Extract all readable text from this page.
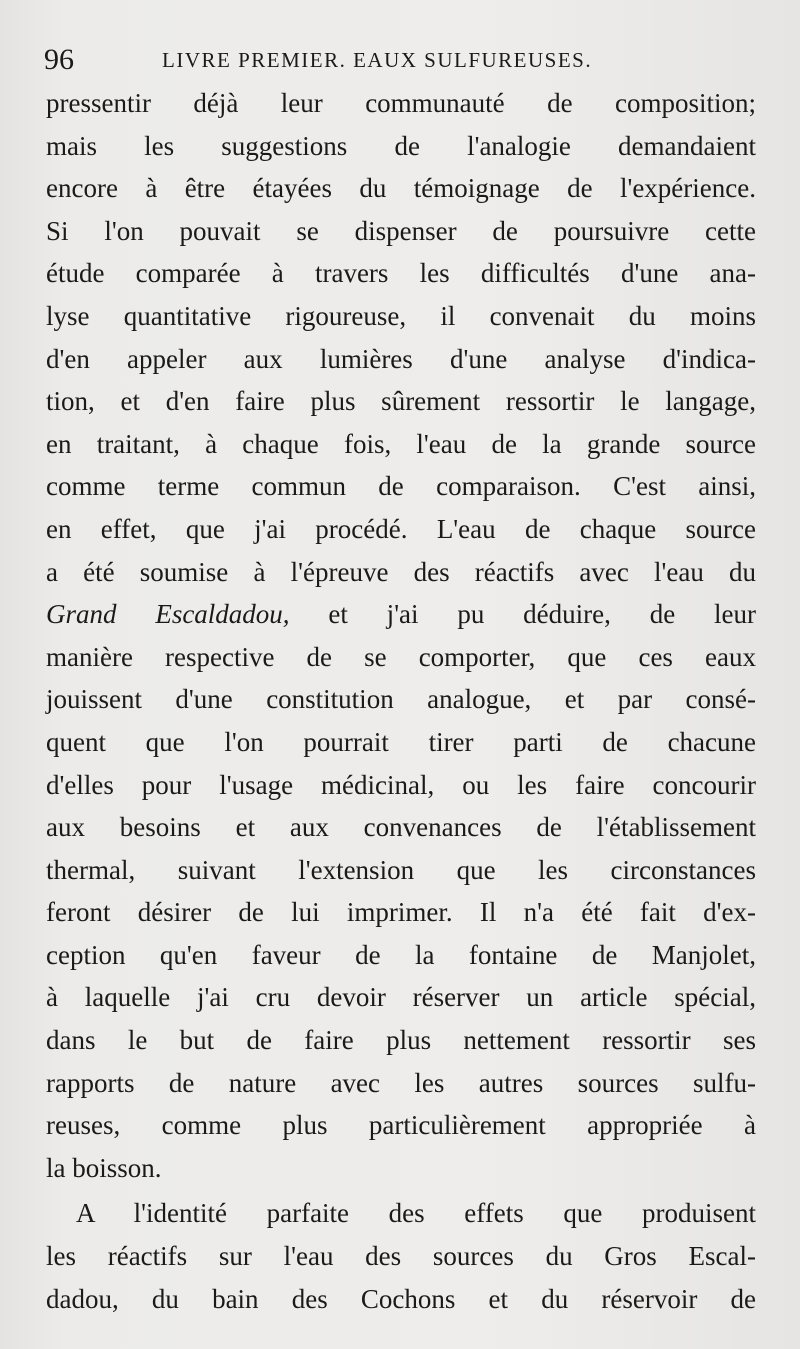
96	LIVRE PREMIER. EAUX SULFUREUSES.
pressentir déjà leur communauté de composition;
mais les suggestions de l'analogie demandaient
encore à être étayées du témoignage de l'expérience.
Si l'on pouvait se dispenser de poursuivre cette
étude comparée à travers les difficultés d'une ana-
lyse quantitative rigoureuse, il convenait du moins
d'en appeler aux lumières d'une analyse d'indica-
tion, et d'en faire plus sûrement ressortir le langage,
en traitant, à chaque fois, l'eau de la grande source
comme terme commun de comparaison. C'est ainsi,
en effet, que j'ai procédé. L'eau de chaque source
a été soumise à l'épreuve des réactifs avec l'eau du
Grand Escaldadou, et j'ai pu déduire, de leur
manière respective de se comporter, que ces eaux
jouissent d'une constitution analogue, et par consé-
quent que l'on pourrait tirer parti de chacune
d'elles pour l'usage médicinal, ou les faire concourir
aux besoins et aux convenances de l'établissement
thermal, suivant l'extension que les circonstances
feront désirer de lui imprimer. Il n'a été fait d'ex-
ception qu'en faveur de la fontaine de Manjolet,
à laquelle j'ai cru devoir réserver un article spécial,
dans le but de faire plus nettement ressortir ses
rapports de nature avec les autres sources sulfu-
reuses, comme plus particulièrement appropriée à
la boisson.
A l'identité parfaite des effets que produisent
les réactifs sur l'eau des sources du Gros Escal-
dadou, du bain des Cochons et du réservoir de
